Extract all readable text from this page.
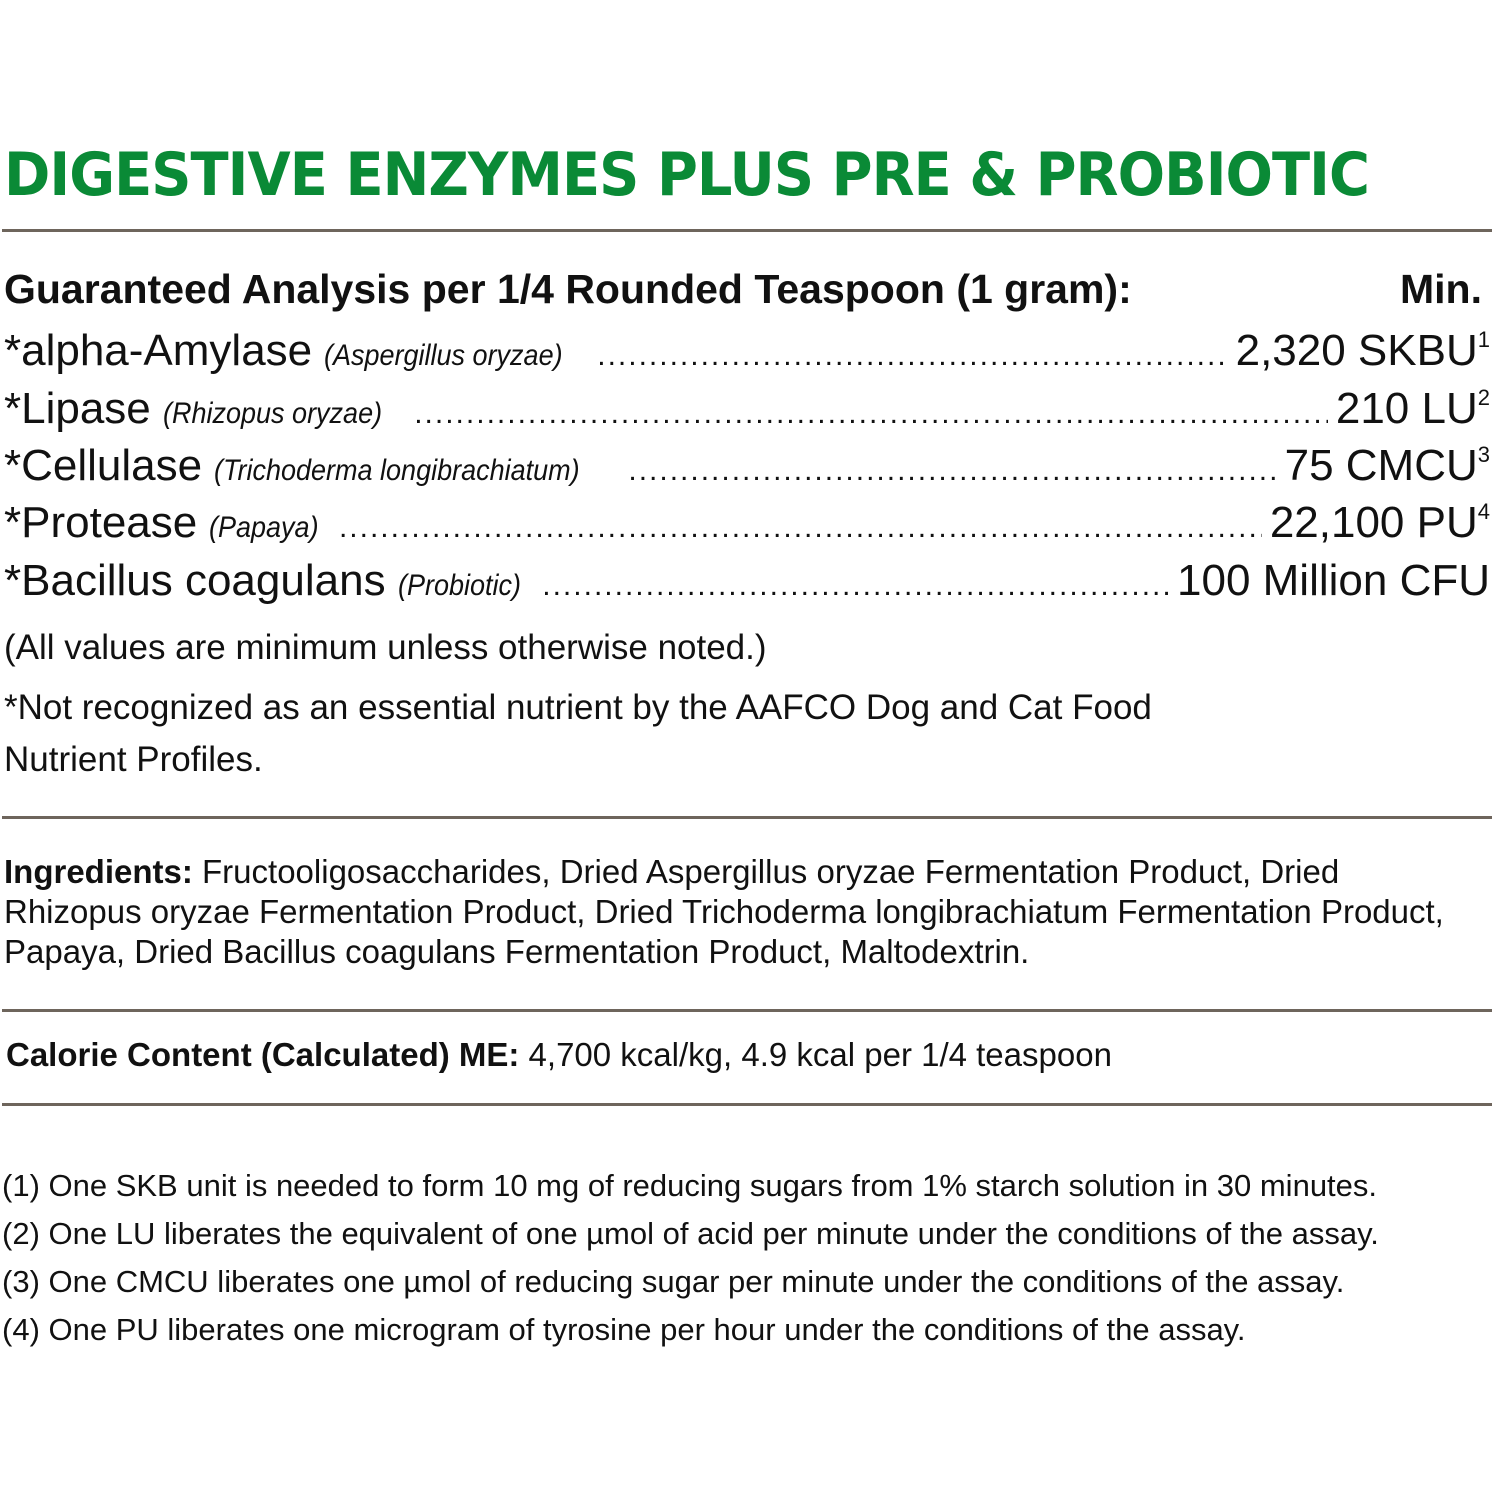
DIGESTIVE ENZYMES PLUS PRE & PROBIOTIC
Guaranteed Analysis per 1/4 Rounded Teaspoon (1 gram):	Min.
*alpha-Amylase (Aspergillus oryzae) .....	2,320 SKBU$^1$
*Lipase (Rhizopus oryzae) .....	210 $LU^2$
*Cellulase (Trichoderma longibrachiatum) .....	75 CMCU$^3$
*Protease (Papaya) .....	22,100 $PU^4$
*Bacillus coagulans (Probiotic) .....	100 Million CFU
(All values are minimum unless otherwise noted.)
*Not recognized as an essential nutrient by the AAFCO Dog and Cat Food
Nutrient Profiles.
Ingredients: Fructooligosaccharides, Dried Aspergillus oryzae Fermentation Product, Dried Rhizopus oryzae Fermentation Product, Dried Trichoderma longibrachiatum Fermentation Product, Papaya, Dried Bacillus coagulans Fermentation Product, Maltodextrin.
Calorie Content (Calculated) ME: 4,700 kcal/kg, 4.9 kcal per 1/4 teaspoon
(1) One SKB unit is needed to form 10 mg of reducing sugars from 1% starch solution in 30 minutes.
(2) One LU liberates the equivalent of one µmol of acid per minute under the conditions of the assay.
(3) One CMCU liberates one µmol of reducing sugar per minute under the conditions of the assay.
(4) One PU liberates one microgram of tyrosine per hour under the conditions of the assay.
